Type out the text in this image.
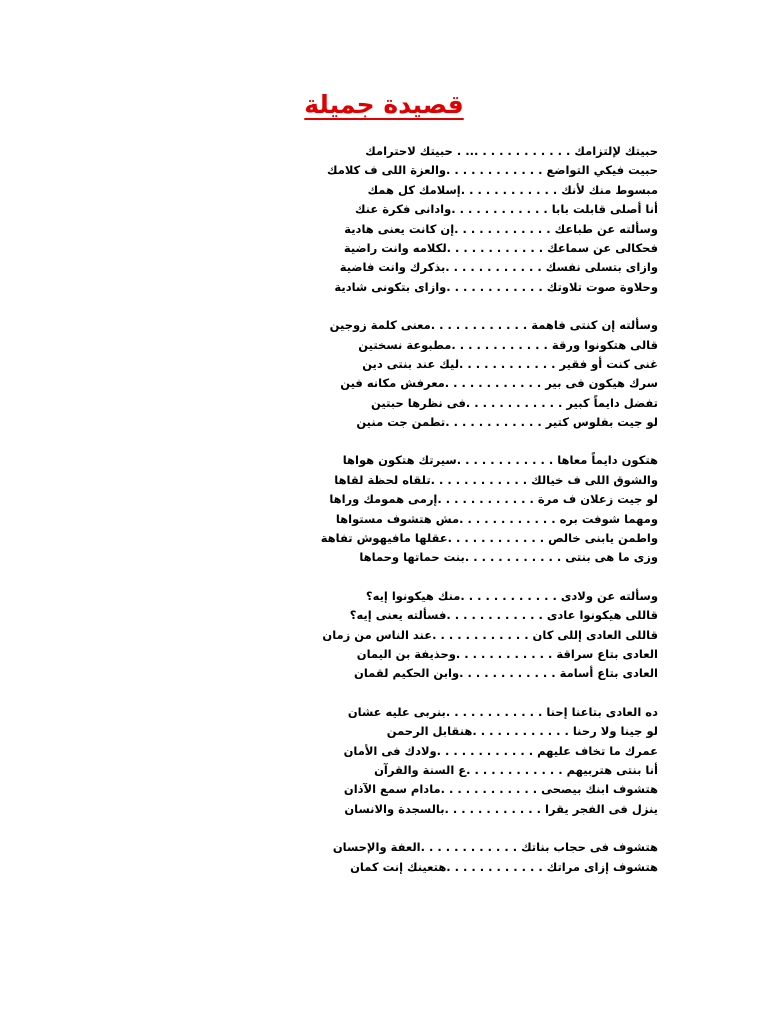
قصيدة جميلة
حبيتك لإلتزامك . . . . . . . . . . . ... . حبيتك لاحترامك
حبيت فيكي التواضع . . . . . . . . . . . .والعزة اللى ف كلامك
مبسوط منك لأنك . . . . . . . . . . . .إسلامك كل همك
أنا أصلى قابلت بابا . . . . . . . . . . . .وادانى فكرة عنك
وسألته عن طباعك . . . . . . . . . . . .إن كانت يعنى هادية
فحكالى عن سماعك . . . . . . . . . . . .لكلامه وانت راضية
وازاى بتسلى نفسك . . . . . . . . . . . .بذكرك وانت فاضية
وحلاوة صوت تلاوتك . . . . . . . . . . . .وازاى بتكونى شادية
وسألته إن كنتى فاهمة . . . . . . . . . . . .معنى كلمة زوجين
قالى هتكونوا ورقة . . . . . . . . . . . .مطبوعة نسختين
غنى كنت أو فقير . . . . . . . . . . . .ليك عند بنتى دين
سرك هيكون فى بير . . . . . . . . . . . .معرفش مكانه فين
تفضل دايماً كبير . . . . . . . . . . . .فى نظرها حبتين
لو جيت بفلوس كتير . . . . . . . . . . . .تطمن جت منين
هتكون دايماً معاها . . . . . . . . . . . .سيرتك هتكون هواها
والشوق اللى ف خيالك . . . . . . . . . . . .تلقاه لحظة لقاها
لو جيت زعلان ف مرة . . . . . . . . . . . .إرمى همومك وراها
ومهما شوفت بره . . . . . . . . . . . .مش هتشوف مستواها
واطمن يابنى خالص . . . . . . . . . . . .عقلها مافيهوش تفاهة
وزى ما هى بنتى . . . . . . . . . . . .بنت حماتها وحماها
وسألته عن ولادى . . . . . . . . . . . .منك هيكونوا إيه؟
قاللى هيكونوا عادى . . . . . . . . . . . .فسألته يعنى إيه؟
قاللى العادى إللى كان . . . . . . . . . . . .عند الناس من زمان
العادى بتاع سراقة . . . . . . . . . . . .وحذيفة بن اليمان
العادى بتاع أسامة . . . . . . . . . . . .وابن الحكيم لقمان
ده العادى بتاعنا إحنا . . . . . . . . . . . .بنربى عليه عشان
لو جينا ولا رحنا . . . . . . . . . . . .هنقابل الرحمن
عمرك ما تخاف عليهم . . . . . . . . . . . .ولادك فى الأمان
أنا بنتى هتربيهم . . . . . . . . . . . .ع السنة والقرآن
هتشوف ابنك بيصحى . . . . . . . . . . . .مادام سمع الآذان
ينزل فى الفجر يقرا . . . . . . . . . . . .بالسجدة والانسان
هتشوف فى حجاب بناتك . . . . . . . . . . . .العفة والإحسان
هتشوف إزاى مراتك . . . . . . . . . . . .هتعينك إنت كمان
